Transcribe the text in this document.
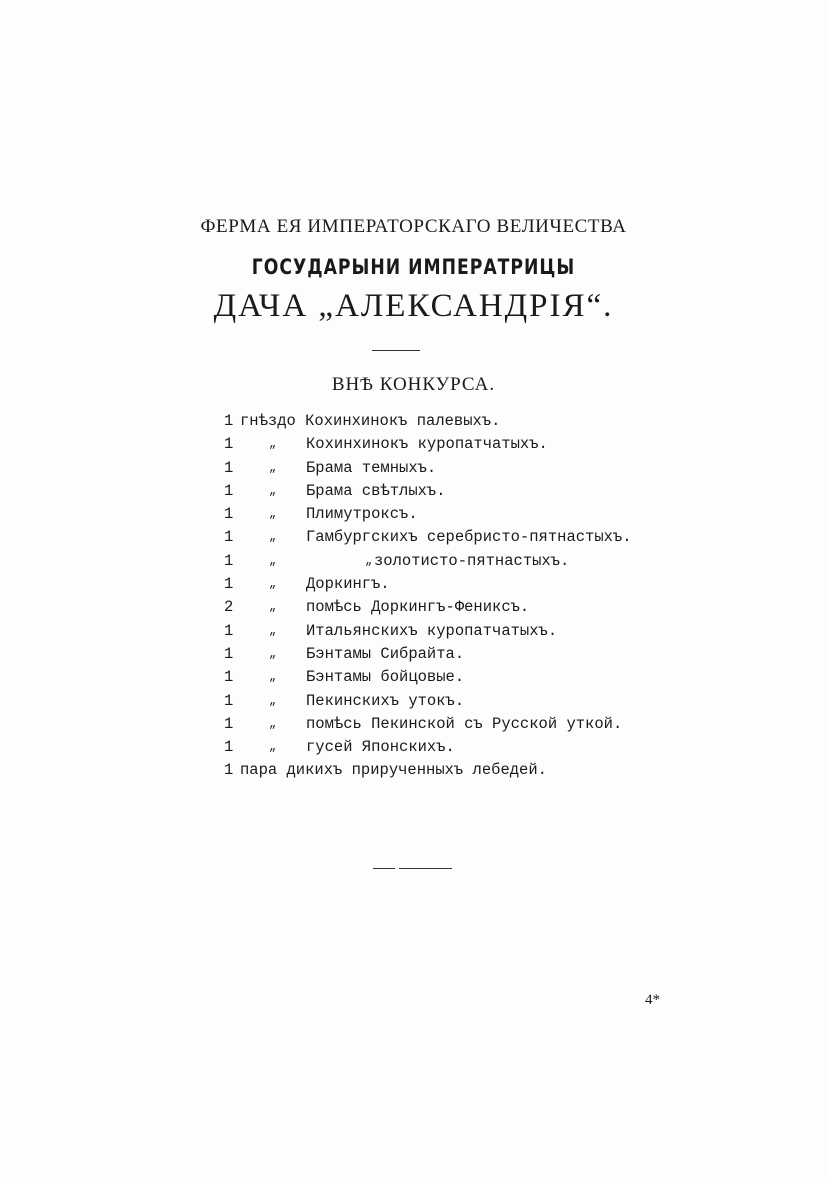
ФЕРМА ЕЯ ИМПЕРАТОРСКАГО ВЕЛИЧЕСТВА
ГОСУДАРЫНИ ИМПЕРАТРИЦЫ
ДАЧА „АЛЕКСАНДРІЯ“.
ВНѢ КОНКУРСА.
1 гнѣздо Кохинхинокъ палевыхъ.
1	„ Кохинхинокъ куропатчатыхъ.
1	„ Брама темныхъ.
1	„ Брама свѣтлыхъ.
1	„ Плимутроксъ.
1	„ Гамбургскихъ серебристо-пятнастыхъ.
1	„	„ золотисто-пятнастыхъ.
1	„ Доркингъ.
2	„ помѣсь Доркингъ-Фениксъ.
1	„ Итальянскихъ куропатчатыхъ.
1	„ Бэнтамы Сибрайта.
1	„ Бэнтамы бойцовые.
1	„ Пекинскихъ утокъ.
1	„ помѣсь Пекинской съ Русской уткой.
1	„ гусей Японскихъ.
1 пара дикихъ прирученныхъ лебедей.
4*
